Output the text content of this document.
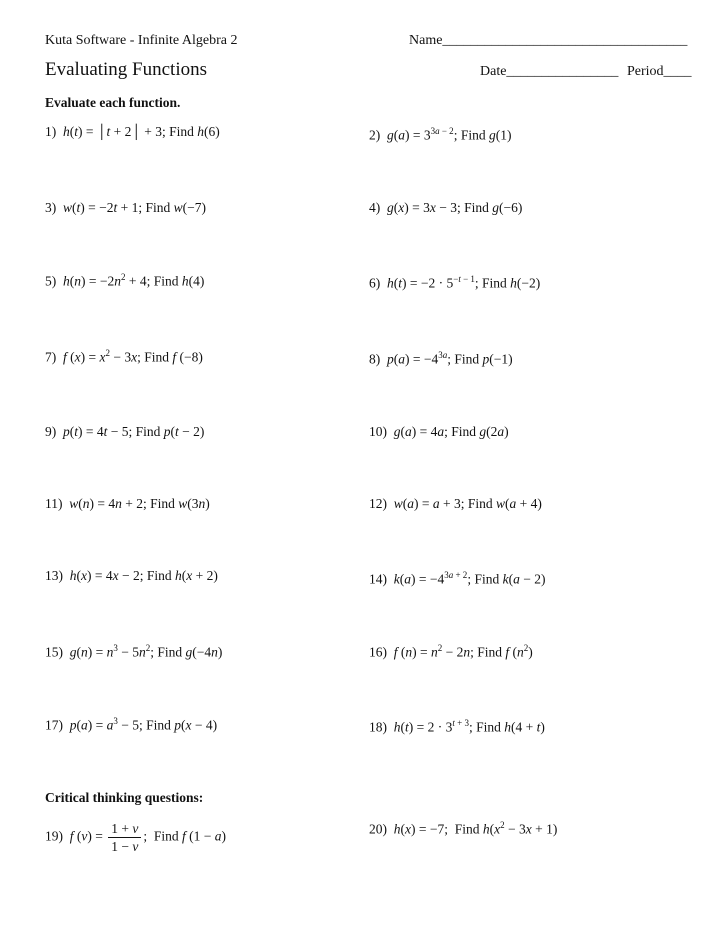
Kuta Software - Infinite Algebra 2	Name___________________________________
Evaluating Functions	Date________________ Period____
Evaluate each function.
1) h(t) = │t + 2│ + 3; Find h(6)	2) $g(a) = 3^{3a - 2}$; Find g(1)
3) w(t) = −2t + 1; Find w(−7)	4) g(x) = 3x − 3; Find g(−6)
5) $h(n) = -2n^2 + 4$; Find h(4)	6) $h(t) = -2 \cdot 5^{-t - 1}$; Find h(−2)
7) f $(x) = x^2 - 3x$; Find f (−8)	8) $p(a) = -4^{3a}$; Find p(−1)
9) p(t) = 4t − 5; Find p(t − 2)	10) g(a) = 4a; Find g(2a)
11) w(n) = 4n + 2; Find w(3n)	12) w(a) = a + 3; Find w(a + 4)
13) h(x) = 4x − 2; Find h(x + 2)	14) $k(a) = -4^{3a + 2}$; Find k(a − 2)
15) $g(n) = n^3 - 5n^2$; Find g(−4n)	16) f $(n) = n^2 - 2n$; Find f $(n^2)$
17) $p(a) = a^3 - 5$; Find p(x − 4)	18) $h(t) = 2 \cdot 3^{t + 3}$; Find h(4 + t)
Critical thinking questions:
19) f $(v) = \frac{1 + v}{1 - v}$ ;  Find f (1 − a)	20) h(x) = −7;  Find $h(x^2 - 3x + 1)$
